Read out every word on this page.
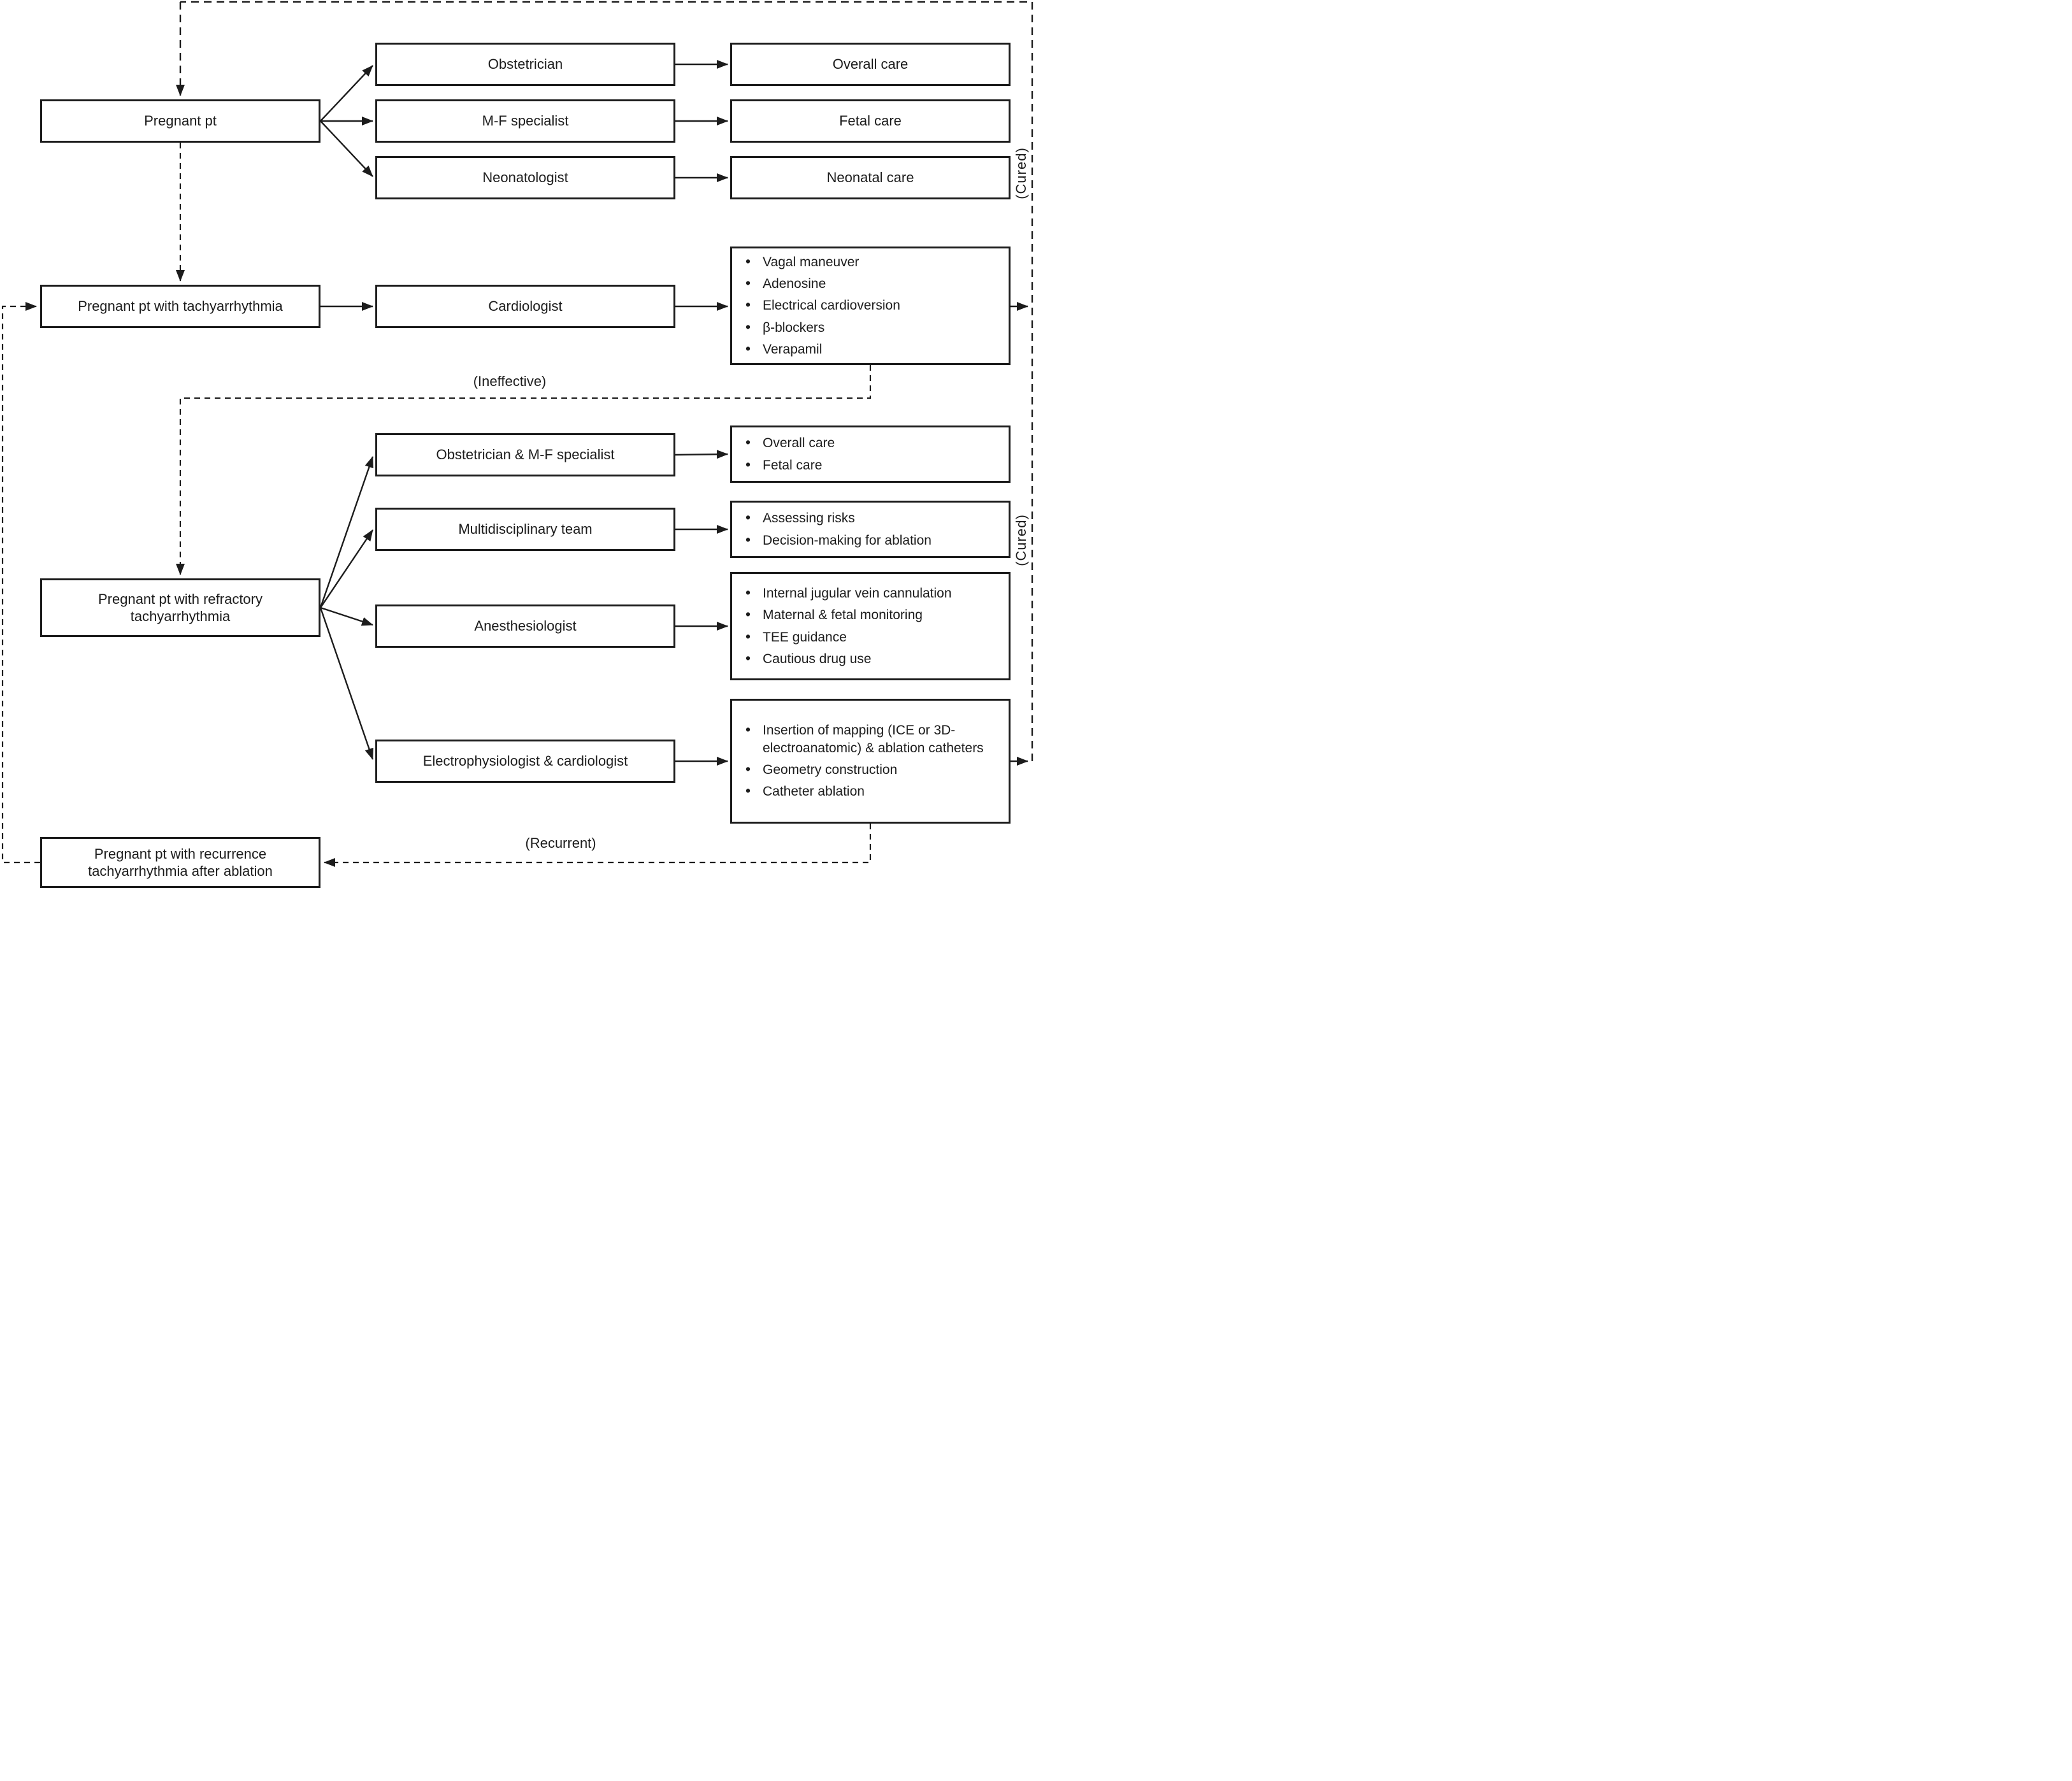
Pregnant pt
Obstetrician
M-F specialist
Neonatologist
Overall care
Fetal care
Neonatal care
Pregnant pt with tachyarrhythmia	Cardiologist
• Vagal maneuver
• Adenosine
• Electrical cardioversion
• β-blockers
• Verapamil
Pregnant pt with refractory tachyarrhythmia
Obstetrician & M-F specialist
Multidisciplinary team
Anesthesiologist
Electrophysiologist & cardiologist
• Overall care
• Fetal care
• Assessing risks
• Decision-making for ablation
• Internal jugular vein cannulation
• Maternal & fetal monitoring
• TEE guidance
• Cautious drug use
• Insertion of mapping (ICE or 3D-electroanatomic) & ablation catheters
• Geometry construction
• Catheter ablation
Pregnant pt with recurrence tachyarrhythmia after ablation
(Ineffective)
(Recurrent)
(Cured)
(Cured)
